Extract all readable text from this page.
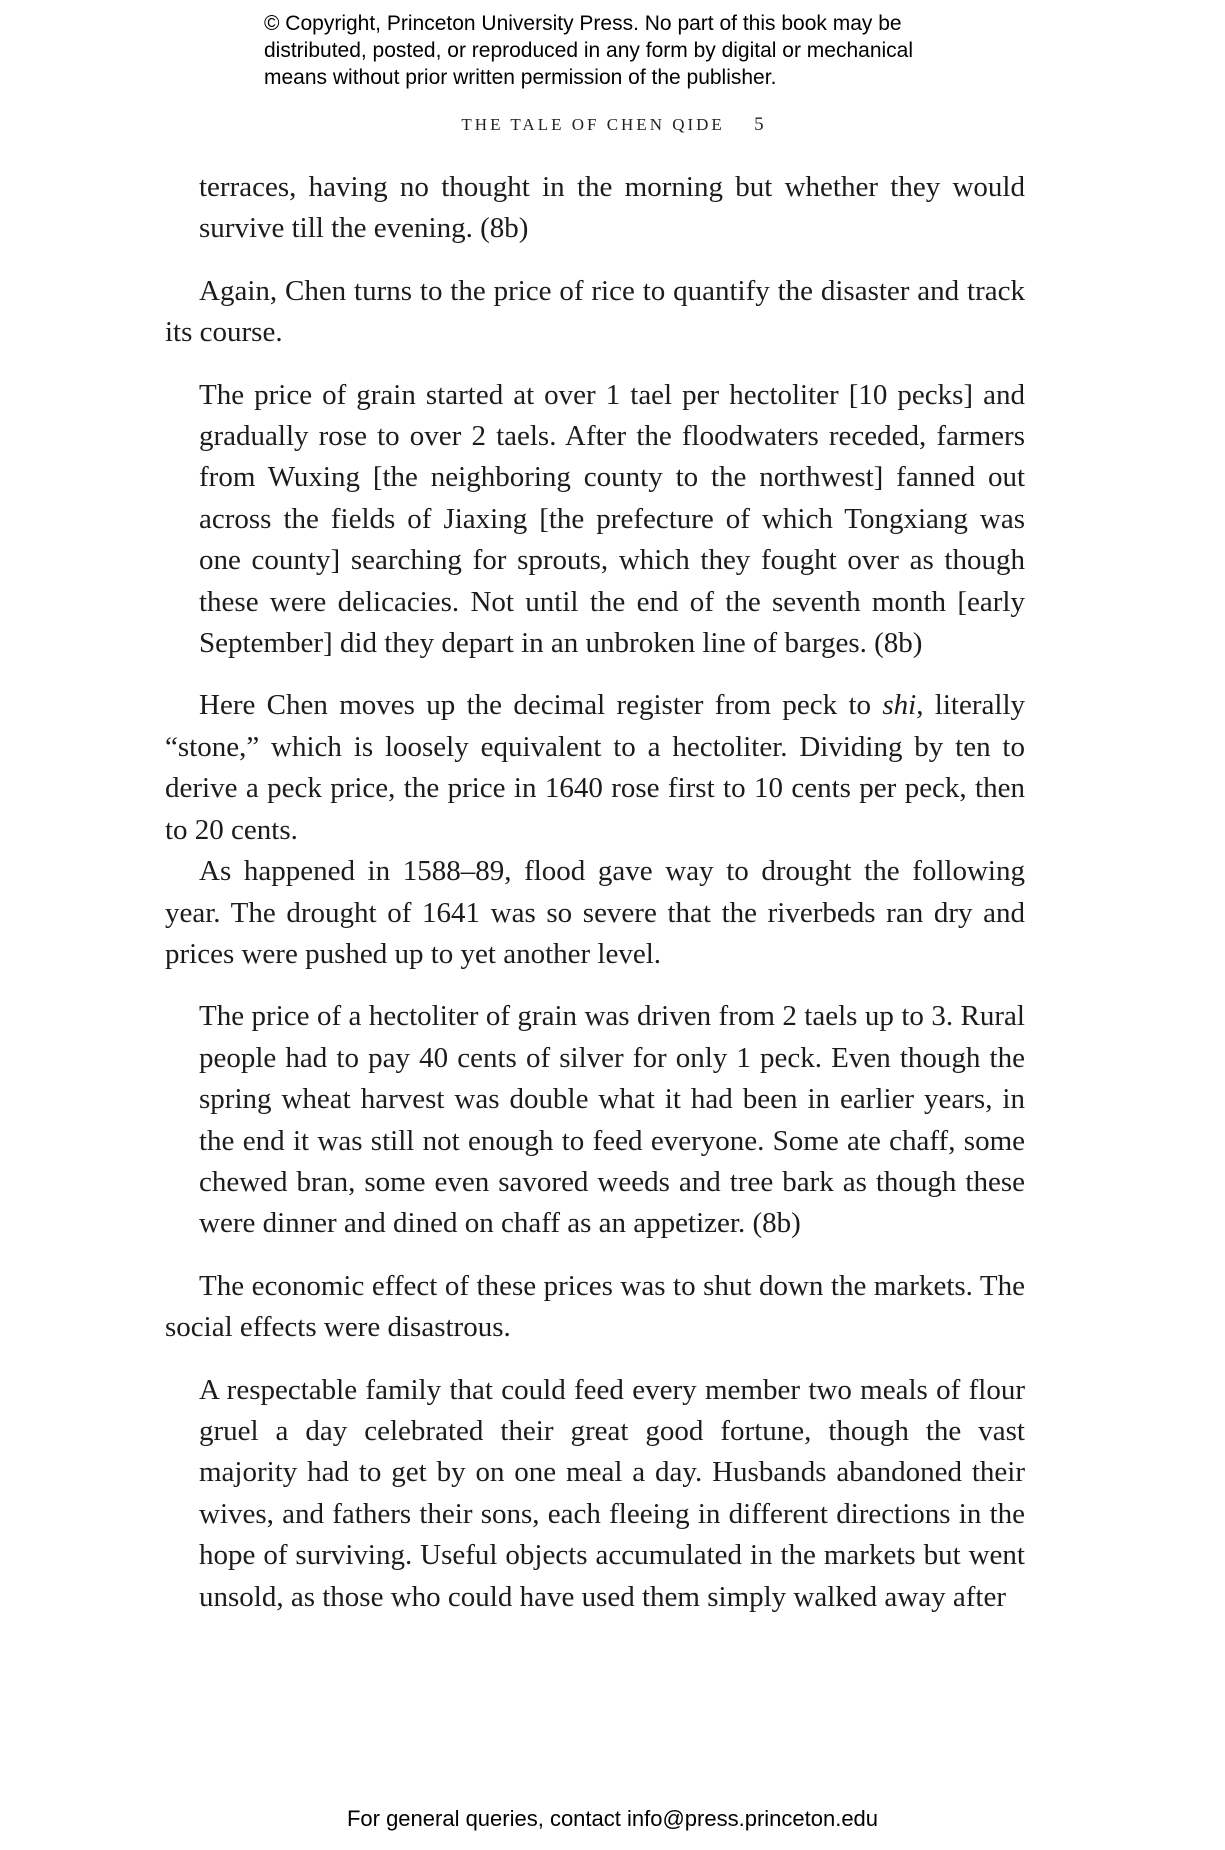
© Copyright, Princeton University Press. No part of this book may be
distributed, posted, or reproduced in any form by digital or mechanical
means without prior written permission of the publisher.
THE TALE OF CHEN QIDE 5

terraces, having no thought in the morning but whether they would survive till the evening. (8b)

Again, Chen turns to the price of rice to quantify the disaster and track its course.

The price of grain started at over 1 tael per hectoliter [10 pecks] and gradually rose to over 2 taels. After the floodwaters receded, farmers from Wuxing [the neighboring county to the northwest] fanned out across the fields of Jiaxing [the prefecture of which Tongxiang was one county] searching for sprouts, which they fought over as though these were delicacies. Not until the end of the seventh month [early September] did they depart in an unbroken line of barges. (8b)

Here Chen moves up the decimal register from peck to shi, literally “stone,” which is loosely equivalent to a hectoliter. Dividing by ten to derive a peck price, the price in 1640 rose first to 10 cents per peck, then to 20 cents.

As happened in 1588–89, flood gave way to drought the following year. The drought of 1641 was so severe that the riverbeds ran dry and prices were pushed up to yet another level.

The price of a hectoliter of grain was driven from 2 taels up to 3. Rural people had to pay 40 cents of silver for only 1 peck. Even though the spring wheat harvest was double what it had been in earlier years, in the end it was still not enough to feed everyone. Some ate chaff, some chewed bran, some even savored weeds and tree bark as though these were dinner and dined on chaff as an appetizer. (8b)

The economic effect of these prices was to shut down the markets. The social effects were disastrous.

A respectable family that could feed every member two meals of flour gruel a day celebrated their great good fortune, though the vast majority had to get by on one meal a day. Husbands abandoned their wives, and fathers their sons, each fleeing in different directions in the hope of surviving. Useful objects accumulated in the markets but went unsold, as those who could have used them simply walked away after

For general queries, contact info@press.princeton.edu
